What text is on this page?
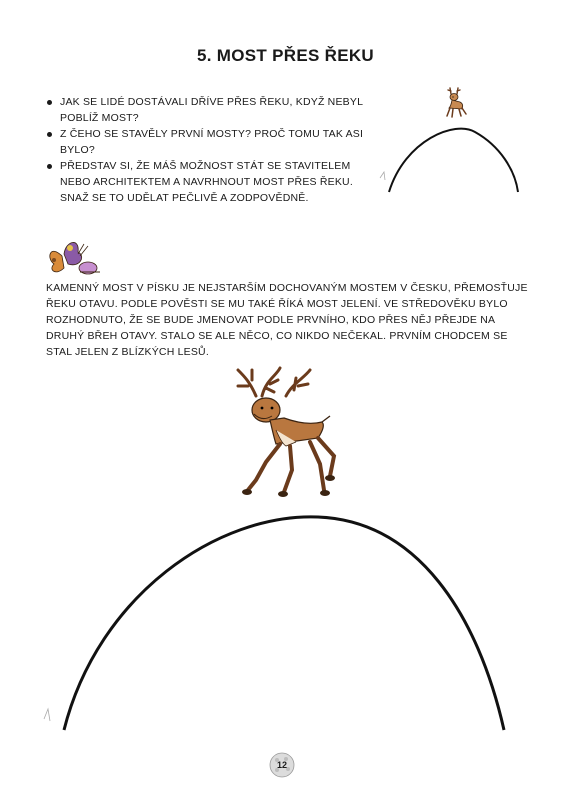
5. MOST PŘES ŘEKU
JAK SE LIDÉ DOSTÁVALI DŘÍVE PŘES ŘEKU, KDYŽ NEBYL POBLÍŽ MOST?
Z ČEHO SE STAVĚLY PRVNÍ MOSTY? PROČ TOMU TAK ASI BYLO?
PŘEDSTAV SI, ŽE MÁŠ MOŽNOST STÁT SE STAVITELEM NEBO ARCHITEKTEM A NAVRHNOUT MOST PŘES ŘEKU. SNAŽ SE TO UDĚLAT PEČLIVĚ A ZODPOVĚDNĚ.

KAMENNÝ MOST V PÍSKU JE NEJSTARŠÍM DOCHOVANÝM MOSTEM V ČESKU, PŘEMOSŤUJE ŘEKU OTAVU. PODLE POVĚSTI SE MU TAKÉ ŘÍKÁ MOST JELENÍ. VE STŘEDOVĚKU BYLO ROZHODNUTO, ŽE SE BUDE JMENOVAT PODLE PRVNÍHO, KDO PŘES NĚJ PŘEJDE NA DRUHÝ BŘEH OTAVY. STALO SE ALE NĚCO, CO NIKDO NEČEKAL. PRVNÍM CHODCEM SE STAL JELEN Z BLÍZKÝCH LESŮ.

12
